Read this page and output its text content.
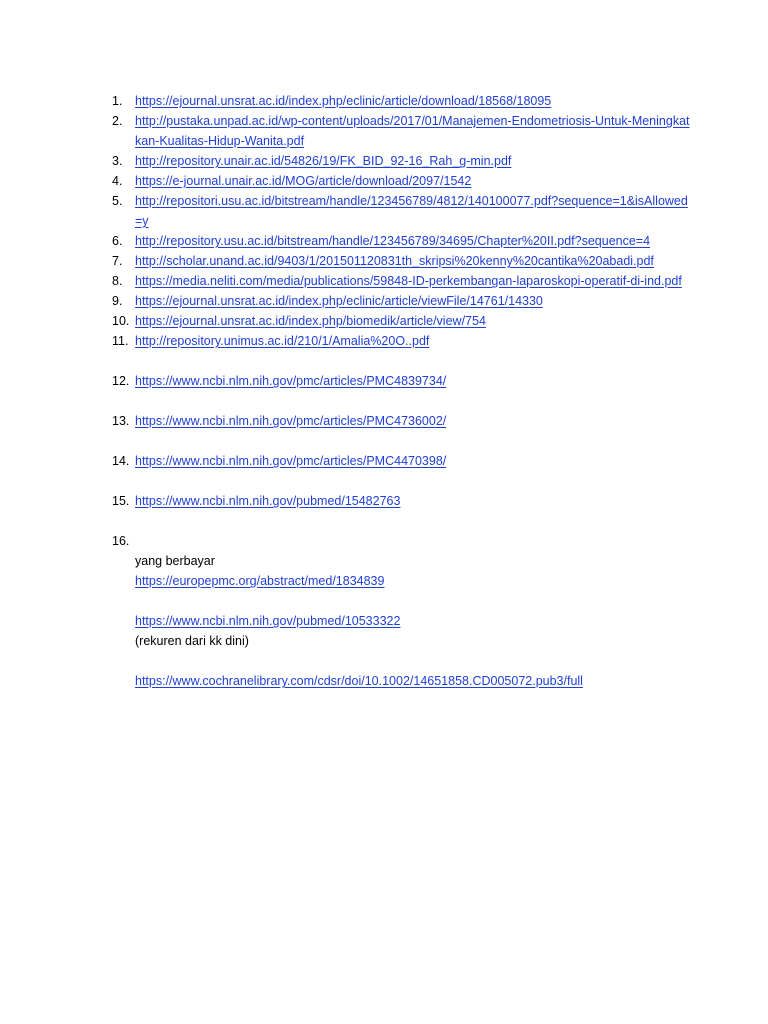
1.	https://ejournal.unsrat.ac.id/index.php/eclinic/article/download/18568/18095
2.	http://pustaka.unpad.ac.id/wp-content/uploads/2017/01/Manajemen-Endometriosis-Untuk-Meningkatkan-Kualitas-Hidup-Wanita.pdf
3.	http://repository.unair.ac.id/54826/19/FK_BID_92-16_Rah_g-min.pdf
4.	https://e-journal.unair.ac.id/MOG/article/download/2097/1542
5.	http://repositori.usu.ac.id/bitstream/handle/123456789/4812/140100077.pdf?sequence=1&isAllowed=y
6.	http://repository.usu.ac.id/bitstream/handle/123456789/34695/Chapter%20II.pdf?sequence=4
7.	http://scholar.unand.ac.id/9403/1/201501120831th_skripsi%20kenny%20cantika%20abadi.pdf
8.	https://media.neliti.com/media/publications/59848-ID-perkembangan-laparoskopi-operatif-di-ind.pdf
9.	https://ejournal.unsrat.ac.id/index.php/eclinic/article/viewFile/14761/14330
10. https://ejournal.unsrat.ac.id/index.php/biomedik/article/view/754
11. http://repository.unimus.ac.id/210/1/Amalia%20O..pdf
12. https://www.ncbi.nlm.nih.gov/pmc/articles/PMC4839734/
13. https://www.ncbi.nlm.nih.gov/pmc/articles/PMC4736002/
14. https://www.ncbi.nlm.nih.gov/pmc/articles/PMC4470398/
15. https://www.ncbi.nlm.nih.gov/pubmed/15482763
16.
yang berbayar
https://europepmc.org/abstract/med/1834839
https://www.ncbi.nlm.nih.gov/pubmed/10533322
(rekuren dari kk dini)
https://www.cochranelibrary.com/cdsr/doi/10.1002/14651858.CD005072.pub3/full
